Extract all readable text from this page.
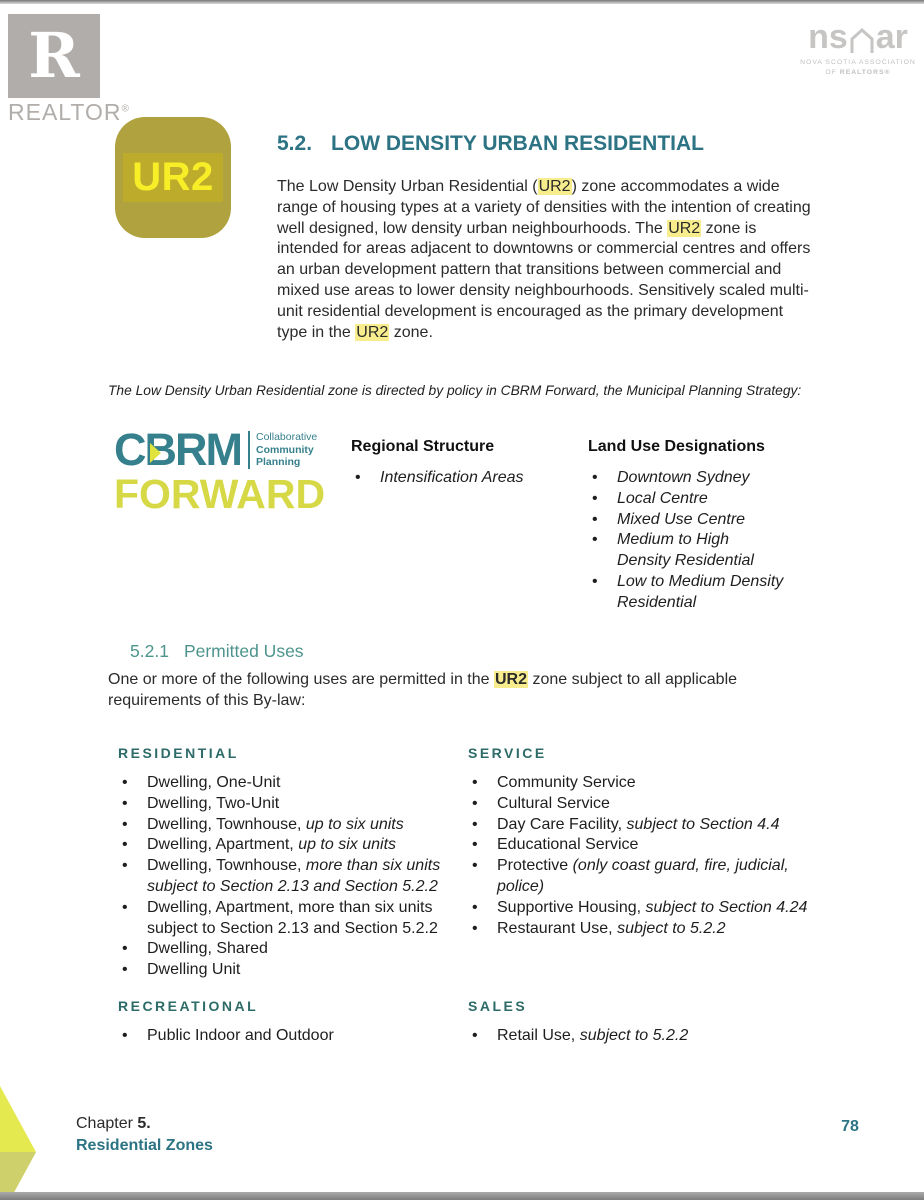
R
REALTOR®
ns ar
NOVA SCOTIA ASSOCIATION
OF REALTORS®
UR2
5.2. LOW DENSITY URBAN RESIDENTIAL

The Low Density Urban Residential (UR2) zone accommodates a wide range of housing types at a variety of densities with the intention of creating well designed, low density urban neighbourhoods. The UR2 zone is intended for areas adjacent to downtowns or commercial centres and offers an urban development pattern that transitions between commercial and mixed use areas to lower density neighbourhoods. Sensitively scaled multi-unit residential development is encouraged as the primary development type in the UR2 zone.

The Low Density Urban Residential zone is directed by policy in CBRM Forward, the Municipal Planning Strategy:

CBRM Collaborative
Community
Planning
FORWARD
Regional Structure
• Intensification Areas
Land Use Designations
• Downtown Sydney
• Local Centre
• Mixed Use Centre
• Medium to High Density Residential
• Low to Medium Density Residential
5.2.1 Permitted Uses

One or more of the following uses are permitted in the UR2 zone subject to all applicable requirements of this By-law:

RESIDENTIAL
• Dwelling, One-Unit
• Dwelling, Two-Unit
• Dwelling, Townhouse, up to six units
• Dwelling, Apartment, up to six units
• Dwelling, Townhouse, more than six units subject to Section 2.13 and Section 5.2.2
• Dwelling, Apartment, more than six units subject to Section 2.13 and Section 5.2.2
• Dwelling, Shared
• Dwelling Unit
SERVICE
• Community Service
• Cultural Service
• Day Care Facility, subject to Section 4.4
• Educational Service
• Protective (only coast guard, fire, judicial, police)
• Supportive Housing, subject to Section 4.24
• Restaurant Use, subject to 5.2.2
RECREATIONAL
• Public Indoor and Outdoor
SALES
• Retail Use, subject to 5.2.2
Chapter 5.
Residential Zones
78
